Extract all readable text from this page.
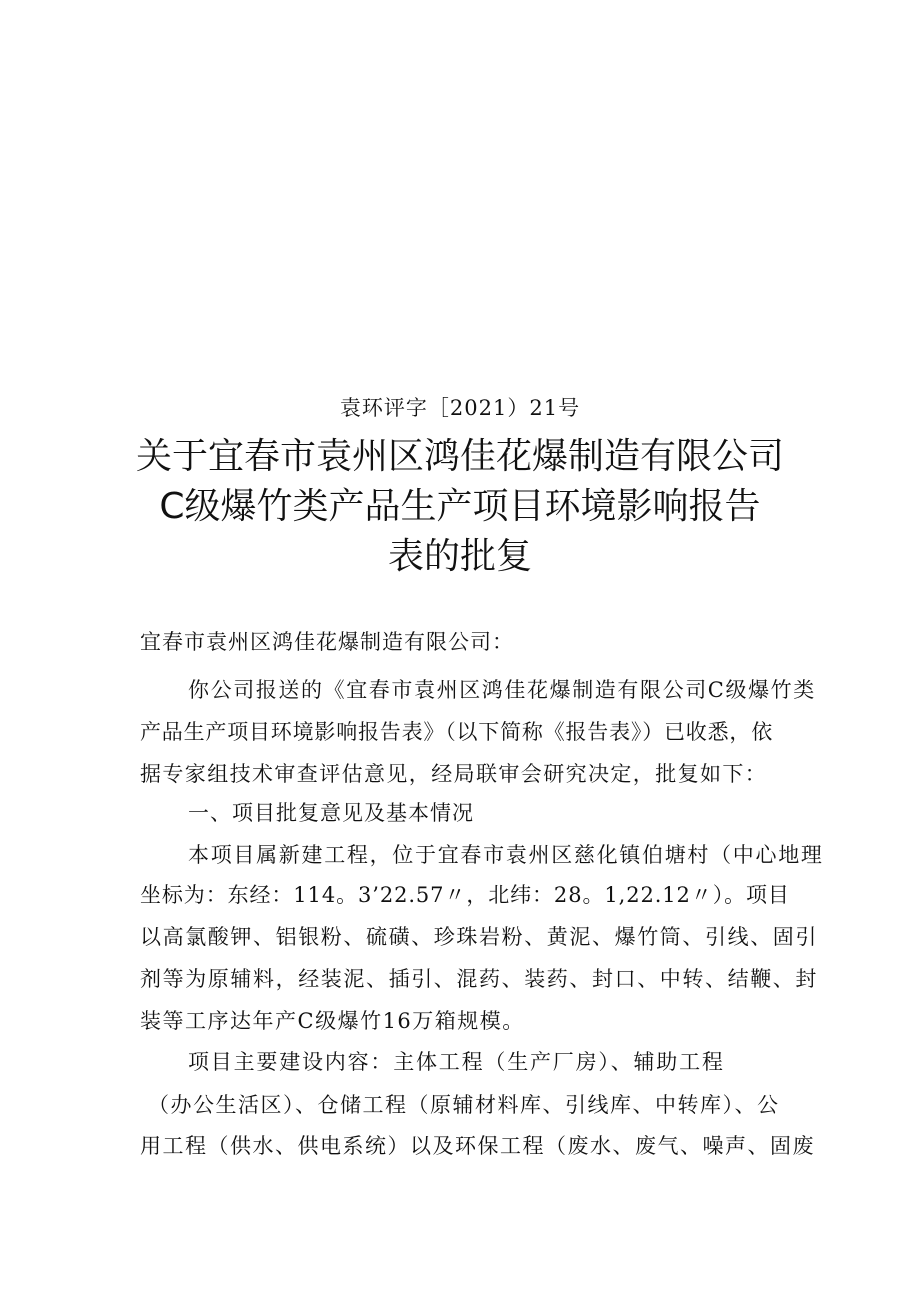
袁环评字［2021）21号
关于宜春市袁州区鸿佳花爆制造有限公司
C级爆竹类产品生产项目环境影响报告
表的批复
宜春市袁州区鸿佳花爆制造有限公司：
你公司报送的《宜春市袁州区鸿佳花爆制造有限公司C级爆竹类
产品生产项目环境影响报告表》（以下简称《报告表》）已收悉，依
据专家组技术审查评估意见，经局联审会研究决定，批复如下：
一、项目批复意见及基本情况
本项目属新建工程，位于宜春市袁州区慈化镇伯塘村（中心地理
坐标为：东经：114。3’22.57〃，北纬：28。1,22.12〃）。项目
以高氯酸钾、铝银粉、硫磺、珍珠岩粉、黄泥、爆竹筒、引线、固引
剂等为原辅料，经装泥、插引、混药、装药、封口、中转、结鞭、封
装等工序达年产C级爆竹16万箱规模。
项目主要建设内容：主体工程（生产厂房）、辅助工程
（办公生活区）、仓储工程（原辅材料库、引线库、中转库）、公
用工程（供水、供电系统）以及环保工程（废水、废气、噪声、固废
